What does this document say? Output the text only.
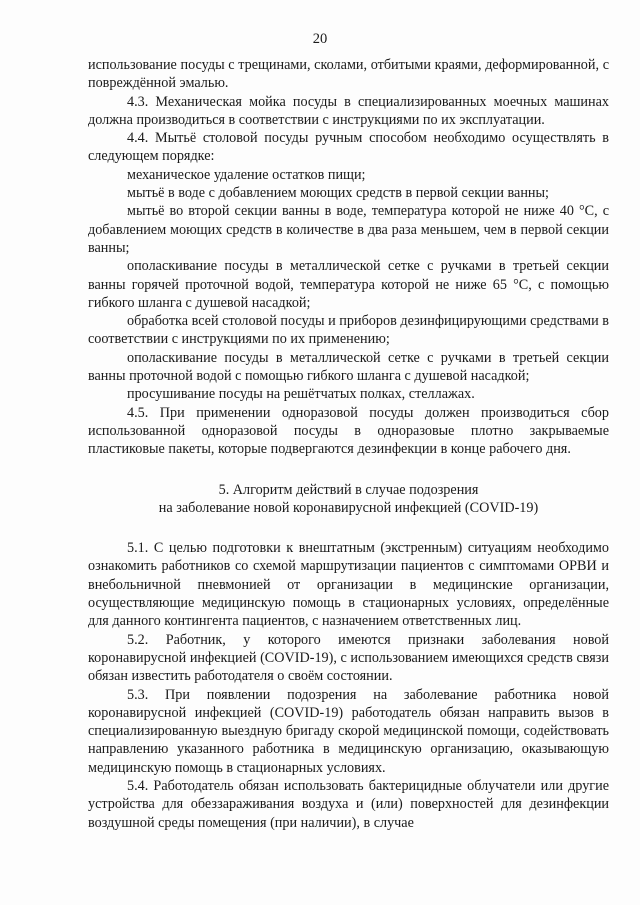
20

использование посуды с трещинами, сколами, отбитыми краями, деформированной, с повреждённой эмалью.

4.3. Механическая мойка посуды в специализированных моечных машинах должна производиться в соответствии с инструкциями по их эксплуатации.

4.4. Мытьё столовой посуды ручным способом необходимо осуществлять в следующем порядке:

механическое удаление остатков пищи;

мытьё в воде с добавлением моющих средств в первой секции ванны;

мытьё во второй секции ванны в воде, температура которой не ниже 40 °С, с добавлением моющих средств в количестве в два раза меньшем, чем в первой секции ванны;

ополаскивание посуды в металлической сетке с ручками в третьей секции ванны горячей проточной водой, температура которой не ниже 65 °С, с помощью гибкого шланга с душевой насадкой;

обработка всей столовой посуды и приборов дезинфицирующими средствами в соответствии с инструкциями по их применению;

ополаскивание посуды в металлической сетке с ручками в третьей секции ванны проточной водой с помощью гибкого шланга с душевой насадкой;

просушивание посуды на решётчатых полках, стеллажах.

4.5. При применении одноразовой посуды должен производиться сбор использованной одноразовой посуды в одноразовые плотно закрываемые пластиковые пакеты, которые подвергаются дезинфекции в конце рабочего дня.

5. Алгоритм действий в случае подозрения
на заболевание новой коронавирусной инфекцией (COVID-19)

5.1. С целью подготовки к внештатным (экстренным) ситуациям необходимо ознакомить работников со схемой маршрутизации пациентов с симптомами ОРВИ и внебольничной пневмонией от организации в медицинские организации, осуществляющие медицинскую помощь в стационарных условиях, определённые для данного контингента пациентов, с назначением ответственных лиц.

5.2. Работник, у которого имеются признаки заболевания новой коронавирусной инфекцией (COVID-19), с использованием имеющихся средств связи обязан известить работодателя о своём состоянии.

5.3. При появлении подозрения на заболевание работника новой коронавирусной инфекцией (COVID-19) работодатель обязан направить вызов в специализированную выездную бригаду скорой медицинской помощи, содействовать направлению указанного работника в медицинскую организацию, оказывающую медицинскую помощь в стационарных условиях.

5.4. Работодатель обязан использовать бактерицидные облучатели или другие устройства для обеззараживания воздуха и (или) поверхностей для дезинфекции воздушной среды помещения (при наличии), в случае
